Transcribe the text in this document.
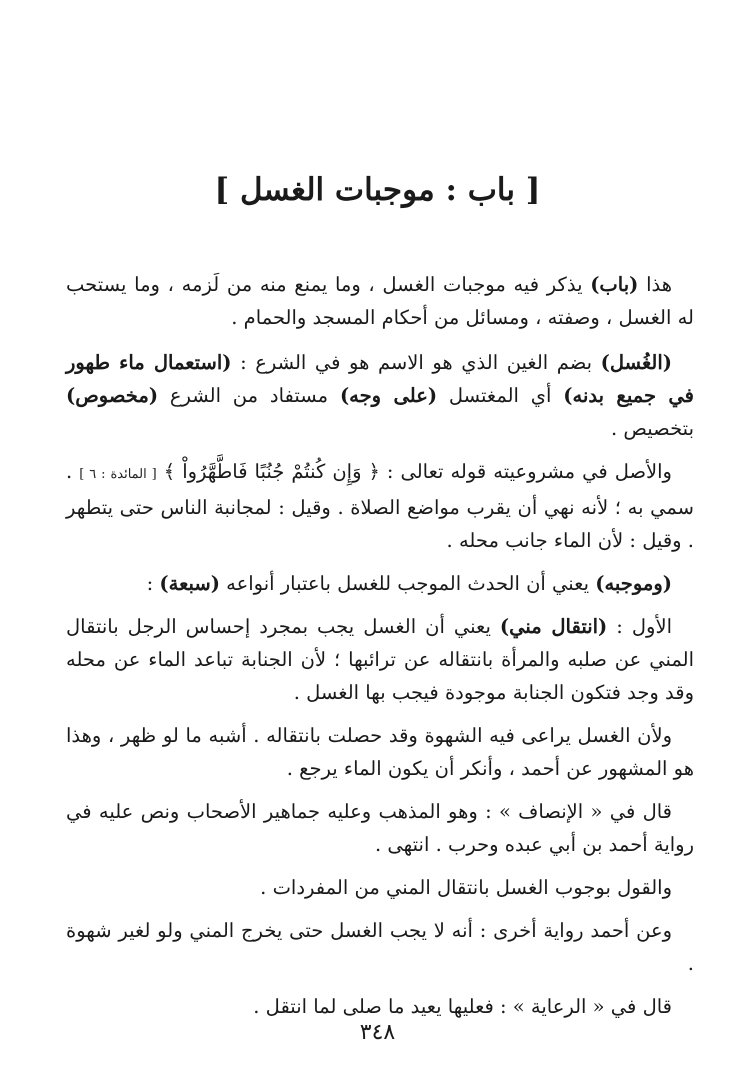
[ باب : موجبات الغسل ]

هذا (باب) يذكر فيه موجبات الغسل ، وما يمنع منه من لَزمه ، وما يستحب له الغسل ، وصفته ، ومسائل من أحكام المسجد والحمام .

(الغُسل) بضم الغين الذي هو الاسم هو في الشرع : (استعمال ماء طهور في جميع بدنه) أي المغتسل (على وجه) مستفاد من الشرع (مخصوص) بتخصيص .

والأصل في مشروعيته قوله تعالى : ﴿ وَإِن كُنتُمْ جُنُبًا فَاطَّهَّرُواْ ﴾ [ المائدة : ٦ ] . سمي به ؛ لأنه نهي أن يقرب مواضع الصلاة . وقيل : لمجانبة الناس حتى يتطهر . وقيل : لأن الماء جانب محله .

(وموجبه) يعني أن الحدث الموجب للغسل باعتبار أنواعه (سبعة) :

الأول : (انتقال مني) يعني أن الغسل يجب بمجرد إحساس الرجل بانتقال المني عن صلبه والمرأة بانتقاله عن ترائبها ؛ لأن الجنابة تباعد الماء عن محله وقد وجد فتكون الجنابة موجودة فيجب بها الغسل .

ولأن الغسل يراعى فيه الشهوة وقد حصلت بانتقاله . أشبه ما لو ظهر ، وهذا هو المشهور عن أحمد ، وأنكر أن يكون الماء يرجع .

قال في « الإنصاف » : وهو المذهب وعليه جماهير الأصحاب ونص عليه في رواية أحمد بن أبي عبده وحرب . انتهى .

والقول بوجوب الغسل بانتقال المني من المفردات .

وعن أحمد رواية أخرى : أنه لا يجب الغسل حتى يخرج المني ولو لغير شهوة .

قال في « الرعاية » : فعليها يعيد ما صلى لما انتقل .

٣٤٨
